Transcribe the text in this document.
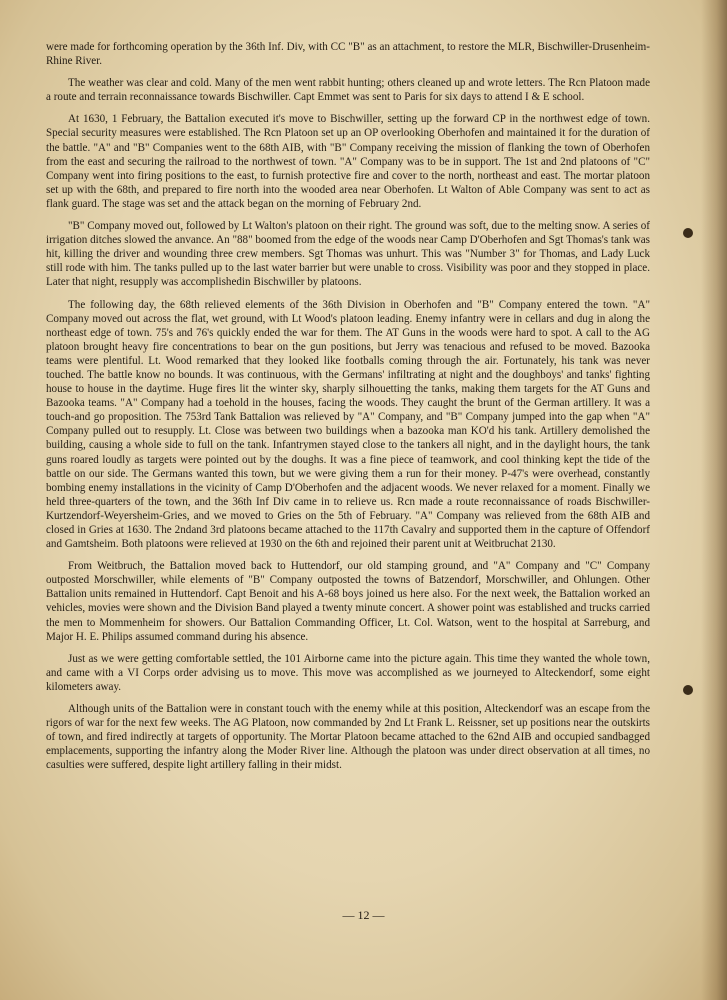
were made for forthcoming operation by the 36th Inf. Div, with CC "B" as an attachment, to restore the MLR, Bischwiller-Drusenheim-Rhine River.

The weather was clear and cold. Many of the men went rabbit hunting; others cleaned up and wrote letters. The Rcn Platoon made a route and terrain reconnaissance towards Bischwiller. Capt Emmet was sent to Paris for six days to attend I & E school.

At 1630, 1 February, the Battalion executed it's move to Bischwiller, setting up the forward CP in the northwest edge of town. Special security measures were established. The Rcn Platoon set up an OP overlooking Oberhofen and maintained it for the duration of the battle. "A" and "B" Companies went to the 68th AIB, with "B" Company receiving the mission of flanking the town of Oberhofen from the east and securing the railroad to the northwest of town. "A" Company was to be in support. The 1st and 2nd platoons of "C" Company went into firing positions to the east, to furnish protective fire and cover to the north, northeast and east. The mortar platoon set up with the 68th, and prepared to fire north into the wooded area near Oberhofen. Lt Walton of Able Company was sent to act as flank guard. The stage was set and the attack began on the morning of February 2nd.

"B" Company moved out, followed by Lt Walton's platoon on their right. The ground was soft, due to the melting snow. A series of irrigation ditches slowed the anvance. An "88" boomed from the edge of the woods near Camp D'Oberhofen and Sgt Thomas's tank was hit, killing the driver and wounding three crew members. Sgt Thomas was unhurt. This was "Number 3" for Thomas, and Lady Luck still rode with him. The tanks pulled up to the last water barrier but were unable to cross. Visibility was poor and they stopped in place. Later that night, resupply was accomplishedin Bischwiller by platoons.

The following day, the 68th relieved elements of the 36th Division in Oberhofen and "B" Company entered the town. "A" Company moved out across the flat, wet ground, with Lt Wood's platoon leading. Enemy infantry were in cellars and dug in along the northeast edge of town. 75's and 76's quickly ended the war for them. The AT Guns in the woods were hard to spot. A call to the AG platoon brought heavy fire concentrations to bear on the gun positions, but Jerry was tenacious and refused to be moved. Bazooka teams were plentiful. Lt. Wood remarked that they looked like footballs coming through the air. Fortunately, his tank was never touched. The battle know no bounds. It was continuous, with the Germans' infiltrating at night and the doughboys' and tanks' fighting house to house in the daytime. Huge fires lit the winter sky, sharply silhouetting the tanks, making them targets for the AT Guns and Bazooka teams. "A" Company had a toehold in the houses, facing the woods. They caught the brunt of the German artillery. It was a touch-and go proposition. The 753rd Tank Battalion was relieved by "A" Company, and "B" Company jumped into the gap when "A" Company pulled out to resupply. Lt. Close was between two buildings when a bazooka man KO'd his tank. Artillery demolished the building, causing a whole side to full on the tank. Infantrymen stayed close to the tankers all night, and in the daylight hours, the tank guns roared loudly as targets were pointed out by the doughs. It was a fine piece of teamwork, and cool thinking kept the tide of the battle on our side. The Germans wanted this town, but we were giving them a run for their money. P-47's were overhead, constantly bombing enemy installations in the vicinity of Camp D'Oberhofen and the adjacent woods. We never relaxed for a moment. Finally we held three-quarters of the town, and the 36th Inf Div came in to relieve us. Rcn made a route reconnaissance of roads Bischwiller-Kurtzendorf-Weyersheim-Gries, and we moved to Gries on the 5th of February. "A" Company was relieved from the 68th AIB and closed in Gries at 1630. The 2ndand 3rd platoons became attached to the 117th Cavalry and supported them in the capture of Offendorf and Gamtsheim. Both platoons were relieved at 1930 on the 6th and rejoined their parent unit at Weitbruchat 2130.

From Weitbruch, the Battalion moved back to Huttendorf, our old stamping ground, and "A" Company and "C" Company outposted Morschwiller, while elements of "B" Company outposted the towns of Batzendorf, Morschwiller, and Ohlungen. Other Battalion units remained in Huttendorf. Capt Benoit and his A-68 boys joined us here also. For the next week, the Battalion worked an vehicles, movies were shown and the Division Band played a twenty minute concert. A shower point was established and trucks carried the men to Mommenheim for showers. Our Battalion Commanding Officer, Lt. Col. Watson, went to the hospital at Sarreburg, and Major H. E. Philips assumed command during his absence.

Just as we were getting comfortable settled, the 101 Airborne came into the picture again. This time they wanted the whole town, and came with a VI Corps order advising us to move. This move was accomplished as we journeyed to Alteckendorf, some eight kilometers away.

Although units of the Battalion were in constant touch with the enemy while at this position, Alteckendorf was an escape from the rigors of war for the next few weeks. The AG Platoon, now commanded by 2nd Lt Frank L. Reissner, set up positions near the outskirts of town, and fired indirectly at targets of opportunity. The Mortar Platoon became attached to the 62nd AIB and occupied sandbagged emplacements, supporting the infantry along the Moder River line. Although the platoon was under direct observation at all times, no casulties were suffered, despite light artillery falling in their midst.

— 12 —
